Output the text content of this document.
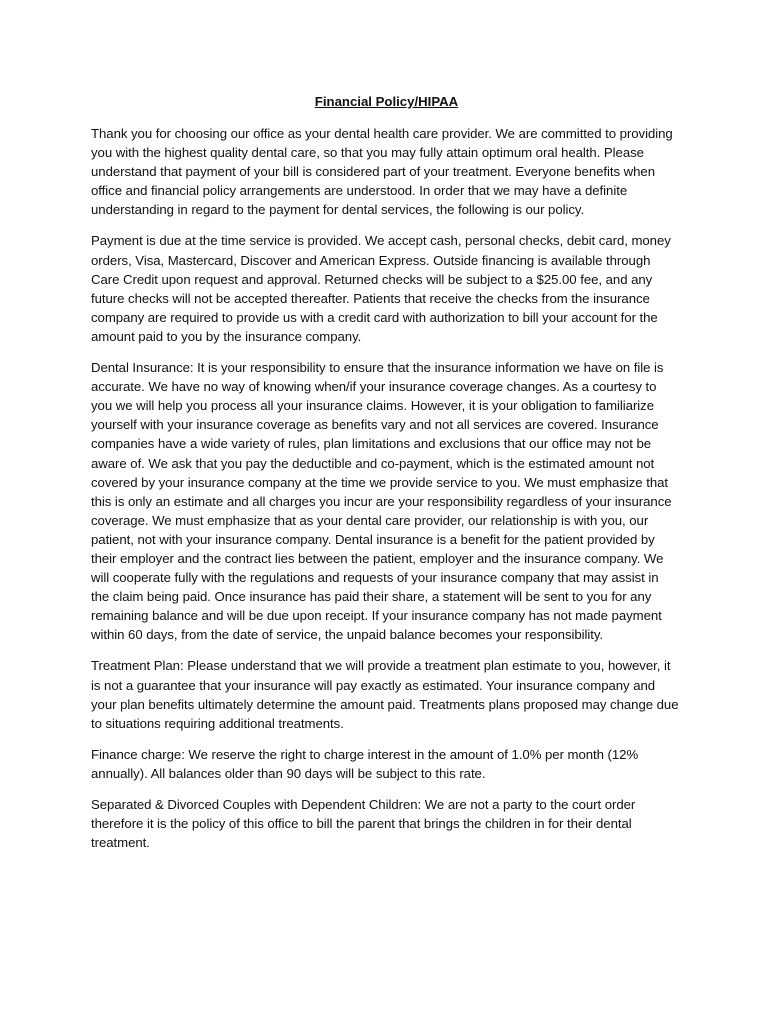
Financial Policy/HIPAA

Thank you for choosing our office as your dental health care provider. We are committed to providing you with the highest quality dental care, so that you may fully attain optimum oral health. Please understand that payment of your bill is considered part of your treatment. Everyone benefits when office and financial policy arrangements are understood. In order that we may have a definite understanding in regard to the payment for dental services, the following is our policy.

Payment is due at the time service is provided. We accept cash, personal checks, debit card, money orders, Visa, Mastercard, Discover and American Express. Outside financing is available through Care Credit upon request and approval. Returned checks will be subject to a $25.00 fee, and any future checks will not be accepted thereafter. Patients that receive the checks from the insurance company are required to provide us with a credit card with authorization to bill your account for the amount paid to you by the insurance company.

Dental Insurance: It is your responsibility to ensure that the insurance information we have on file is accurate. We have no way of knowing when/if your insurance coverage changes. As a courtesy to you we will help you process all your insurance claims. However, it is your obligation to familiarize yourself with your insurance coverage as benefits vary and not all services are covered. Insurance companies have a wide variety of rules, plan limitations and exclusions that our office may not be aware of. We ask that you pay the deductible and co-payment, which is the estimated amount not covered by your insurance company at the time we provide service to you. We must emphasize that this is only an estimate and all charges you incur are your responsibility regardless of your insurance coverage. We must emphasize that as your dental care provider, our relationship is with you, our patient, not with your insurance company. Dental insurance is a benefit for the patient provided by their employer and the contract lies between the patient, employer and the insurance company. We will cooperate fully with the regulations and requests of your insurance company that may assist in the claim being paid. Once insurance has paid their share, a statement will be sent to you for any remaining balance and will be due upon receipt. If your insurance company has not made payment within 60 days, from the date of service, the unpaid balance becomes your responsibility.

Treatment Plan: Please understand that we will provide a treatment plan estimate to you, however, it is not a guarantee that your insurance will pay exactly as estimated. Your insurance company and your plan benefits ultimately determine the amount paid. Treatments plans proposed may change due to situations requiring additional treatments.

Finance charge: We reserve the right to charge interest in the amount of 1.0% per month (12% annually). All balances older than 90 days will be subject to this rate.

Separated & Divorced Couples with Dependent Children: We are not a party to the court order therefore it is the policy of this office to bill the parent that brings the children in for their dental treatment.
